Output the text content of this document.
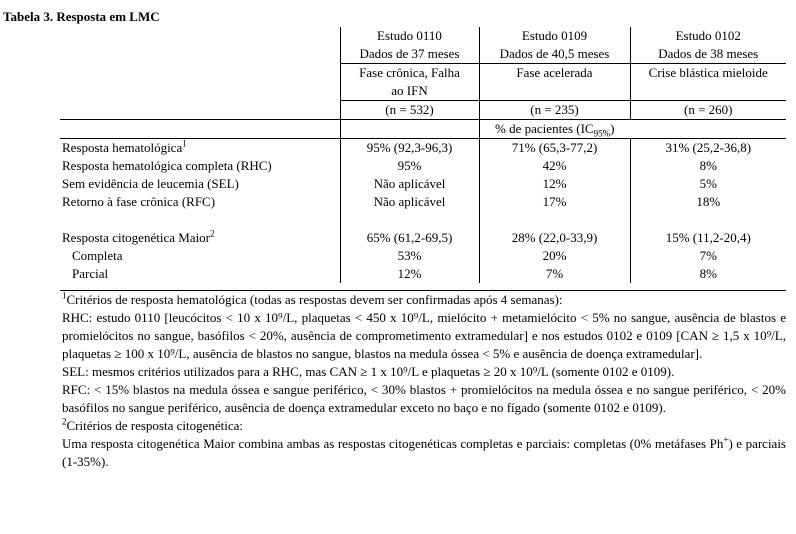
Tabela 3. Resposta em LMC
	Estudo 0110	Estudo 0109	Estudo 0102
	Dados de 37 meses	Dados de 40,5 meses	Dados de 38 meses
	Fase crônica, Falha ao IFN	Fase acelerada	Crise blástica mieloide
	(n = 532)	(n = 235)	(n = 260)
		% de pacientes $(IC_{95\%})$	
Resposta hematológica$^1$	95% (92,3-96,3)	71% (65,3-77,2)	31% (25,2-36,8)
Resposta hematológica completa (RHC)	95%	42%	8%
Sem evidência de leucemia (SEL)	Não aplicável	12%	5%
Retorno à fase crônica (RFC)	Não aplicável	17%	18%

Resposta citogenética Maior$^2$	65% (61,2-69,5)	28% (22,0-33,9)	15% (11,2-20,4)
Completa	53%	20%	7%
Parcial	12%	7%	8%

$^1$Critérios de resposta hematológica (todas as respostas devem ser confirmadas após 4 semanas):

RHC: estudo 0110 [leucócitos < 10 x 10⁹/L, plaquetas < 450 x 10⁹/L, mielócito + metamielócito < 5% no sangue, ausência de blastos e promielócitos no sangue, basófilos < 20%, ausência de comprometimento extramedular] e nos estudos 0102 e 0109 [CAN ≥ 1,5 x 10⁹/L, plaquetas ≥ 100 x 10⁹/L, ausência de blastos no sangue, blastos na medula óssea < 5% e ausência de doença extramedular].

SEL: mesmos critérios utilizados para a RHC, mas CAN ≥ 1 x 10⁹/L e plaquetas ≥ 20 x 10⁹/L (somente 0102 e 0109).

RFC: < 15% blastos na medula óssea e sangue periférico, < 30% blastos + promielócitos na medula óssea e no sangue periférico, < 20% basófilos no sangue periférico, ausência de doença extramedular exceto no baço e no fígado (somente 0102 e 0109).

$^2$Critérios de resposta citogenética:

Uma resposta citogenética Maior combina ambas as respostas citogenéticas completas e parciais: completas (0% metáfases Ph+) e parciais (1-35%).
